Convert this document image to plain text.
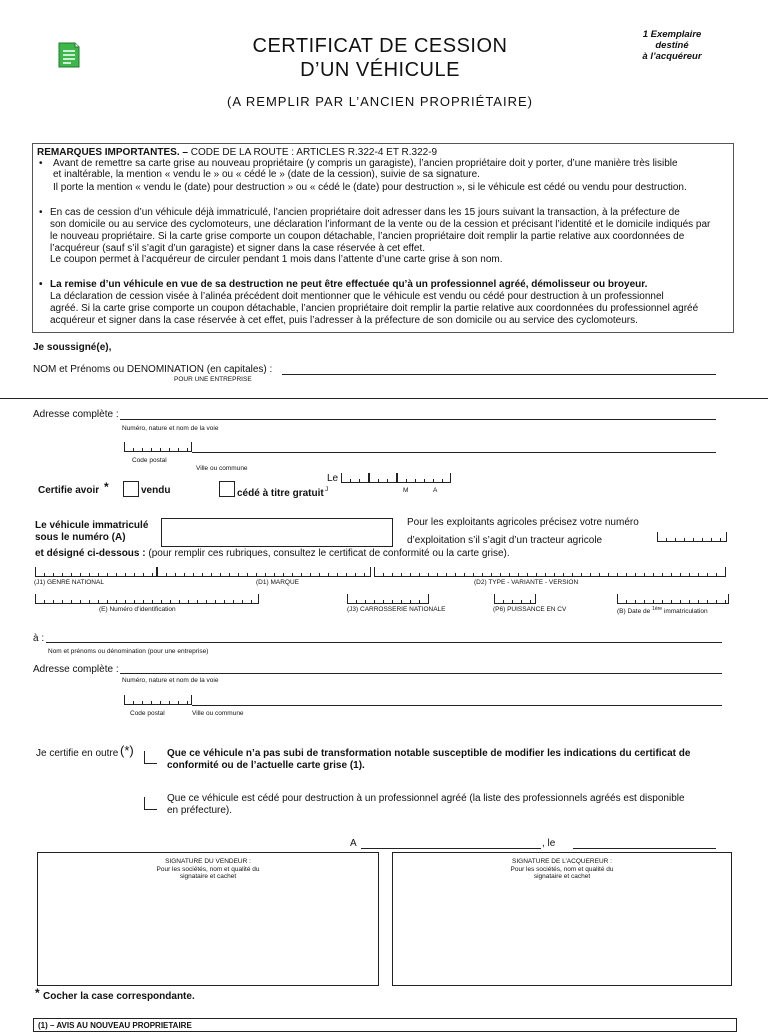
CERTIFICAT DE CESSION
D’UN VÉHICULE
(A REMPLIR PAR L’ANCIEN PROPRIÉTAIRE)
1 Exemplaire
destiné
à l’acquéreur
REMARQUES IMPORTANTES. – CODE DE LA ROUTE : ARTICLES R.322-4 ET R.322-9
• Avant de remettre sa carte grise au nouveau propriétaire (y compris un garagiste), l’ancien propriétaire doit y porter, d’une manière très lisible
et inaltérable, la mention « vendu le » ou « cédé le » (date de la cession), suivie de sa signature.
Il porte la mention « vendu le (date) pour destruction » ou « cédé le (date) pour destruction », si le véhicule est cédé ou vendu pour destruction.
• En cas de cession d’un véhicule déjà immatriculé, l’ancien propriétaire doit adresser dans les 15 jours suivant la transaction, à la préfecture de
son domicile ou au service des cyclomoteurs, une déclaration l’informant de la vente ou de la cession et précisant l’identité et le domicile indiqués par
le nouveau propriétaire. Si la carte grise comporte un coupon détachable, l’ancien propriétaire doit remplir la partie relative aux coordonnées de
l’acquéreur (sauf s’il s’agit d’un garagiste) et signer dans la case réservée à cet effet.
Le coupon permet à l’acquéreur de circuler pendant 1 mois dans l’attente d’une carte grise à son nom.
• La remise d’un véhicule en vue de sa destruction ne peut être effectuée qu’à un professionnel agréé, démolisseur ou broyeur.
La déclaration de cession visée à l’alinéa précédent doit mentionner que le véhicule est vendu ou cédé pour destruction à un professionnel
agréé. Si la carte grise comporte un coupon détachable, l’ancien propriétaire doit remplir la partie relative aux coordonnées du professionnel agréé
acquéreur et signer dans la case réservée à cet effet, puis l’adresser à la préfecture de son domicile ou au service des cyclomoteurs.
Je soussigné(e),
NOM et Prénoms ou DENOMINATION (en capitales) :
POUR UNE ENTREPRISE
Adresse complète :
Numéro, nature et nom de la voie
Code postal
Ville ou commune
Certifie avoir *	vendu	cédé à titre gratuit J
Le
M	A
Le véhicule immatriculé
sous le numéro (A)
Pour les exploitants agricoles précisez votre numéro
d’exploitation s’il s’agit d’un tracteur agricole
et désigné ci-dessous : (pour remplir ces rubriques, consultez le certificat de conformité ou la carte grise).
(J1) GENRE NATIONAL	(D1) MARQUE	(D2) TYPE - VARIANTE - VERSION
(E) Numéro d’identification	(J3) CARROSSERIE NATIONALE	(P6) PUISSANCE EN CV	(B) Date de $^{1ère}$ immatriculation
à :
Nom et prénoms ou dénomination (pour une entreprise)
Adresse complète :
Numéro, nature et nom de la voie
Code postal	Ville ou commune
Je certifie en outre (*)	Que ce véhicule n’a pas subi de transformation notable susceptible de modifier les indications du certificat de
conformité ou de l’actuelle carte grise (1).
Que ce véhicule est cédé pour destruction à un professionnel agréé (la liste des professionnels agréés est disponible
en préfecture).
A	, le
SIGNATURE DU VENDEUR :
Pour les sociétés, nom et qualité du signataire et cachet
SIGNATURE DE L’ACQUEREUR :
Pour les sociétés, nom et qualité du signataire et cachet
* Cocher la case correspondante.
(1) – AVIS AU NOUVEAU PROPRIETAIRE
